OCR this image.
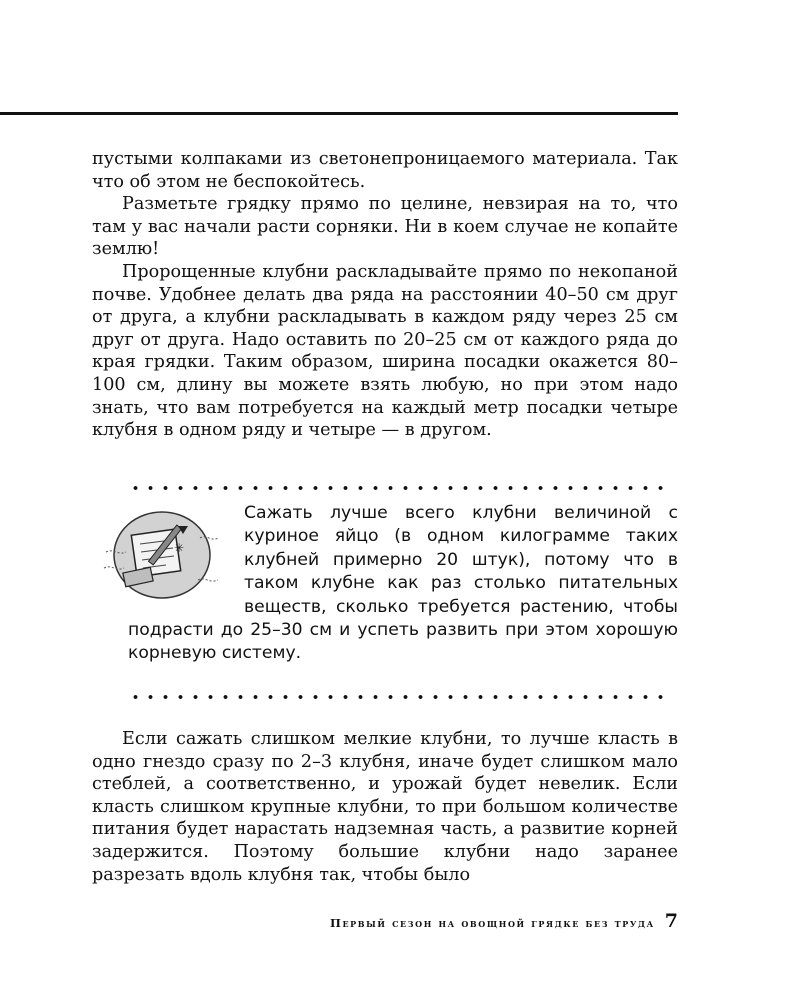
пустыми колпаками из светонепроницаемого материала. Так что об этом не беспокойтесь.

Разметьте грядку прямо по целине, невзирая на то, что там у вас начали расти сорняки. Ни в коем случае не копайте землю!

Пророщенные клубни раскладывайте прямо по некопаной почве. Удобнее делать два ряда на расстоянии 40–50 см друг от друга, а клубни раскладывать в каждом ряду через 25 см друг от друга. Надо оставить по 20–25 см от каждого ряда до края грядки. Таким образом, ширина посадки окажется 80–100 см, длину вы можете взять любую, но при этом надо знать, что вам потребуется на каждый метр посадки четыре клубня в одном ряду и четыре — в другом.

✳
Сажать лучше всего клубни величиной с куриное яйцо (в одном килограмме таких клубней примерно 20 штук), потому что в таком клубне как раз столько питательных веществ, сколько требуется растению, чтобы подрасти до 25–30 см и успеть развить при этом хорошую корневую систему.

Если сажать слишком мелкие клубни, то лучше класть в одно гнездо сразу по 2–3 клубня, иначе будет слишком мало стеблей, а соответственно, и урожай будет невелик. Если класть слишком крупные клубни, то при большом количестве питания будет нарастать надземная часть, а развитие корней задержится. Поэтому большие клубни надо заранее разрезать вдоль клубня так, чтобы было

Первый сезон на овощной грядке без труда 7
